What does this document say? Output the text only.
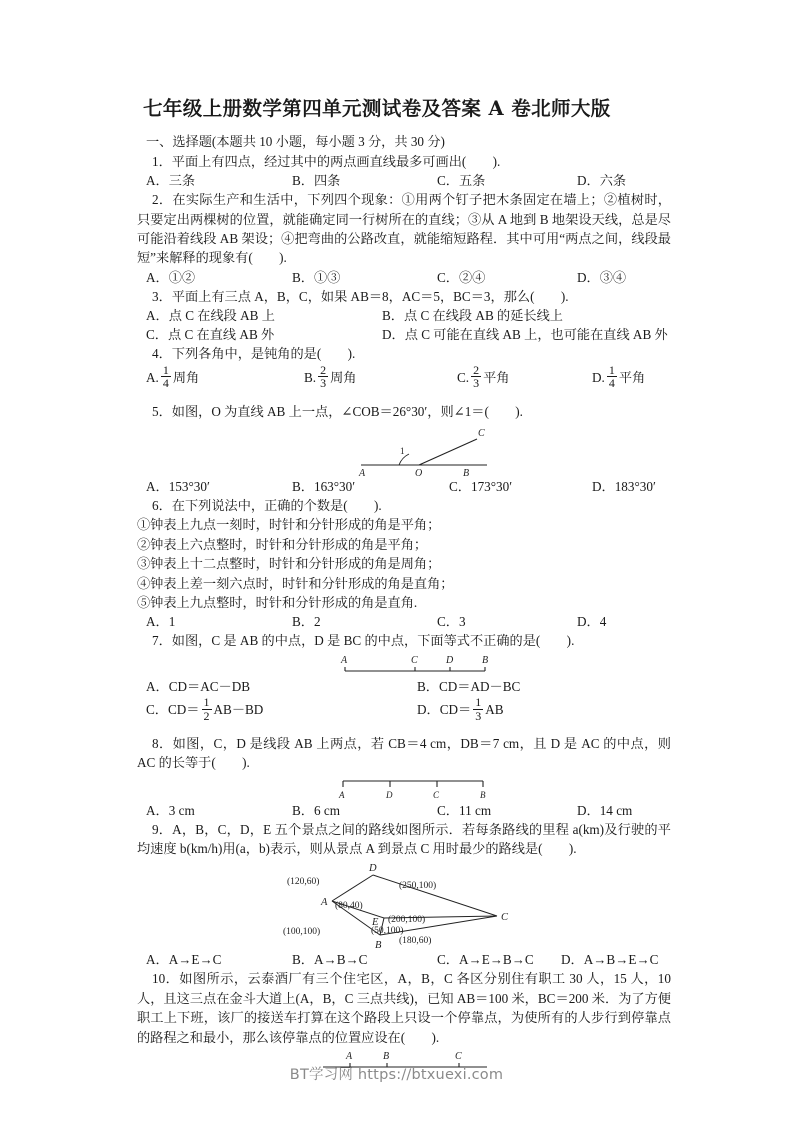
七年级上册数学第四单元测试卷及答案 A 卷北师大版
一、选择题(本题共 10 小题，每小题 3 分，共 30 分)
1．平面上有四点，经过其中的两点画直线最多可画出(　　).
A．三条	B．四条	C．五条	D．六条
2．在实际生产和生活中，下列四个现象：①用两个钉子把木条固定在墙上；②植树时，只要定出两棵树的位置，就能确定同一行树所在的直线；③从 A 地到 B 地架设天线，总是尽可能沿着线段 AB 架设；④把弯曲的公路改直，就能缩短路程．其中可用“两点之间，线段最短”来解释的现象有(　　).
A．①②	B．①③	C．②④	D．③④
3．平面上有三点 A，B，C，如果 AB＝8，AC＝5，BC＝3，那么(　　).
A．点 C 在线段 AB 上	B．点 C 在线段 AB 的延长线上
C．点 C 在直线 AB 外	D．点 C 可能在直线 AB 上，也可能在直线 AB 外
4．下列各角中，是钝角的是(　　).
A. $\frac{1}{4}$ 周角	B. $\frac{2}{3}$ 周角	C. $\frac{2}{3}$ 平角	D. $\frac{1}{4}$ 平角
5．如图，O 为直线 AB 上一点，∠COB＝26°30′，则∠1＝(　　).
A	O	B
C
1
A．153°30′	B．163°30′	C．173°30′	D．183°30′
6．在下列说法中，正确的个数是(　　).
①钟表上九点一刻时，时针和分针形成的角是平角；
②钟表上六点整时，时针和分针形成的角是平角；
③钟表上十二点整时，时针和分针形成的角是周角；
④钟表上差一刻六点时，时针和分针形成的角是直角；
⑤钟表上九点整时，时针和分针形成的角是直角.
A．1	B．2	C．3	D．4
7．如图，C 是 AB 的中点，D 是 BC 的中点，下面等式不正确的是(　　).
A	C	D	B
A．CD＝AC－DB	B．CD＝AD－BC
C．$CD= \frac{1}{2} AB-BD$	D．$CD= \frac{1}{3}$ AB
8．如图，C，D 是线段 AB 上两点，若 CB＝4 cm，DB＝7 cm，且 D 是 AC 的中点，则 AC 的长等于(　　).
A	D	C	B
A．3 cm	B．6 cm	C．11 cm	D．14 cm
9．A，B，C，D，E 五个景点之间的路线如图所示．若每条路线的里程 a(km)及行驶的平均速度 b(km/h)用(a，b)表示，则从景点 A 到景点 C 用时最少的路线是(　　).
A
E
B
D
C
(120,60)	(250,100)
(80,40)
(200,100)
(50,100)
(100,100)
(180,60)
A．A→E→C	B．A→B→C	C．A→E→B→C D．A→B→E→C
10．如图所示，云泰酒厂有三个住宅区，A，B，C 各区分别住有职工 30 人，15 人，10 人，且这三点在金斗大道上(A，B，C 三点共线)，已知 AB＝100 米，BC＝200 米．为了方便职工上下班，该厂的接送车打算在这个路段上只设一个停靠点，为使所有的人步行到停靠点的路程之和最小，那么该停靠点的位置应设在(　　).
A	B	C
BT学习网 https://btxuexi.com
